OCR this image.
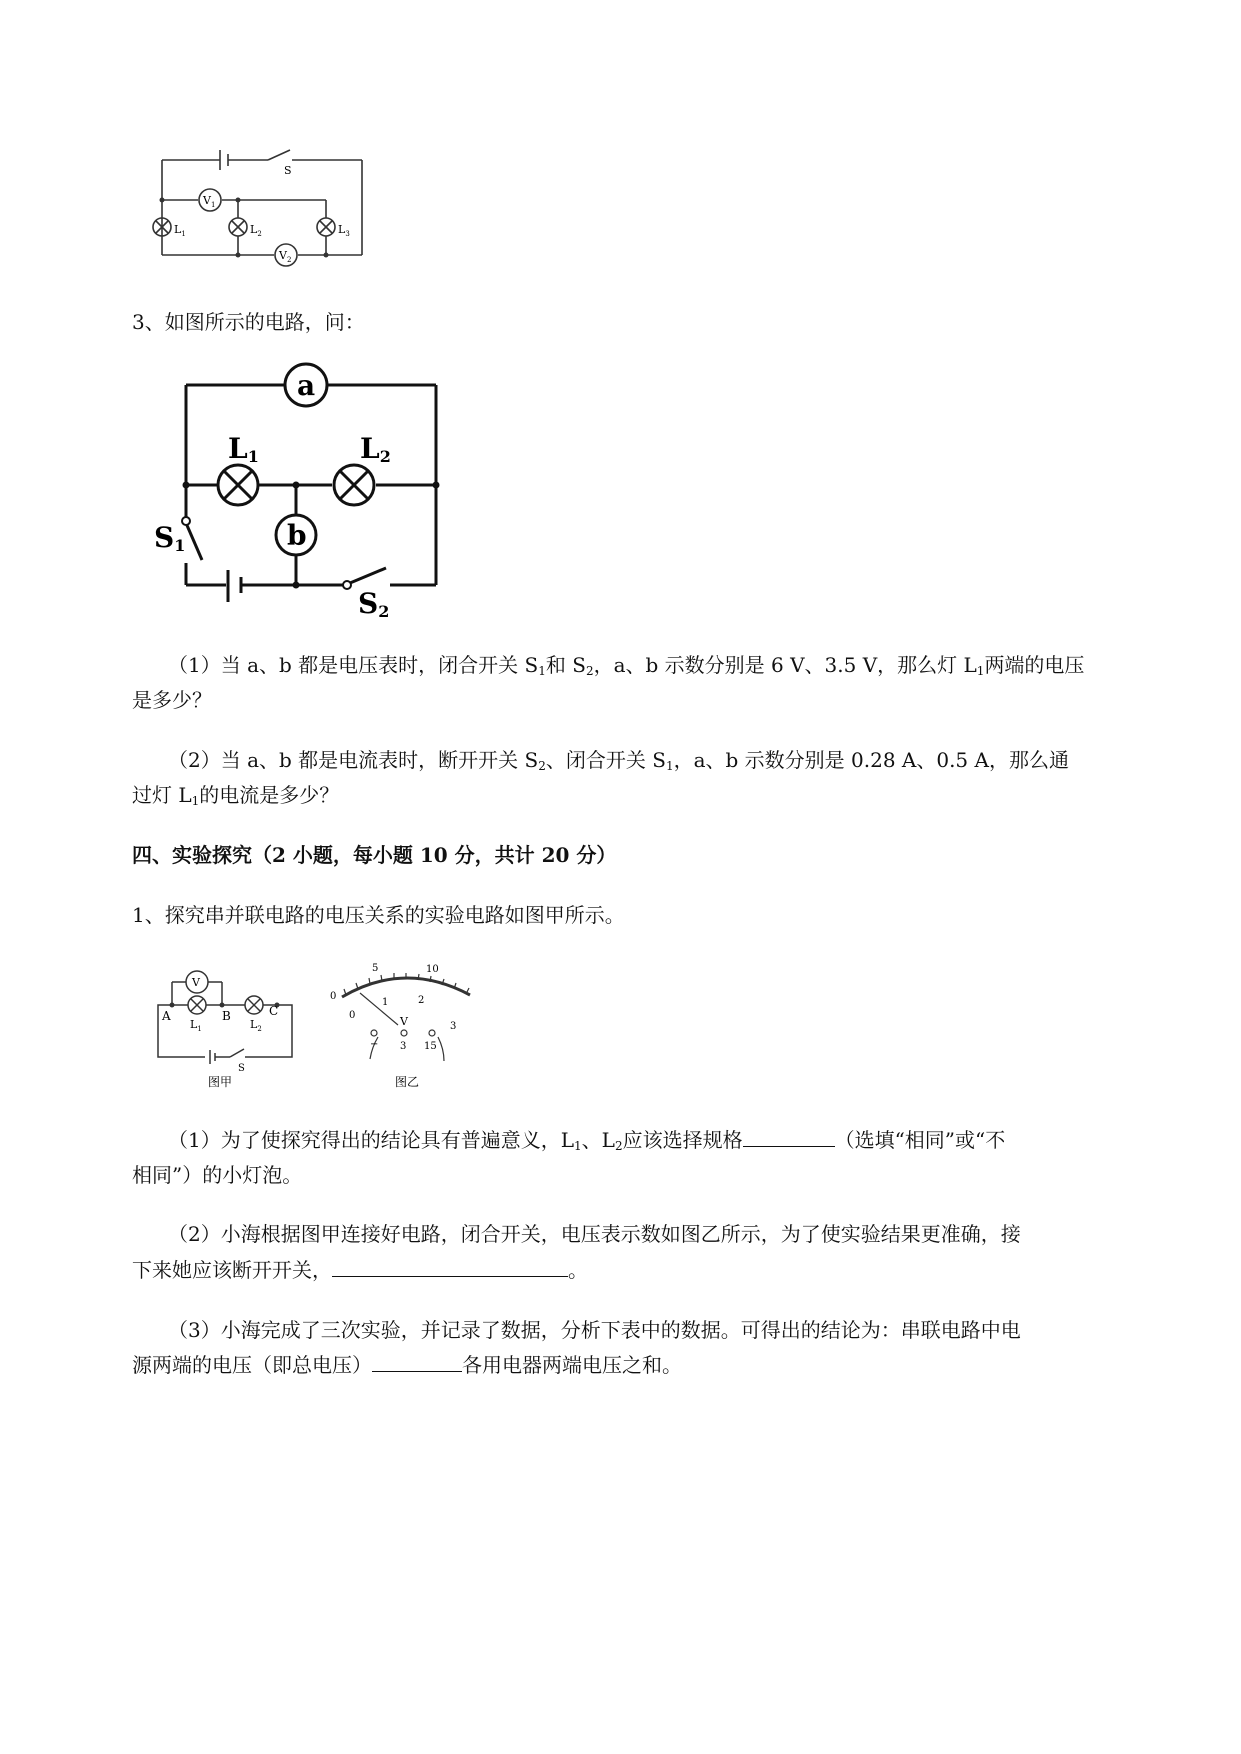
S
$V_1$
$V_2$
$L_1$	$L_2$	$L_3$
3、如图所示的电路，问：
a
b
L1	L2
S1
S2
（1）当 a、b 都是电压表时，闭合开关 $S_1$和 $S_2$，a、b 示数分别是 6 V、3.5 V，那么灯 $L_1$两端的电压
是多少？
（2）当 a、b 都是电流表时，断开开关 $S_2$、闭合开关 $S_1$，a、b 示数分别是 0.28 A、0.5 A，那么通
过灯 $L_1$的电流是多少？
四、实验探究（2 小题，每小题 10 分，共计 20 分）
1、探究串并联电路的电压关系的实验电路如图甲所示。
V
A	B	C
$L_1$	$L_2$
S
图甲
0
5	10
0
1	2
3
V
− 3 15
图乙
（1）为了使探究得出的结论具有普遍意义，$L_1$、$L_2$应该选择规格	（选填“相同”或“不
相同”）的小灯泡。
（2）小海根据图甲连接好电路，闭合开关，电压表示数如图乙所示，为了使实验结果更准确，接
下来她应该断开开关，	。
（3）小海完成了三次实验，并记录了数据，分析下表中的数据。可得出的结论为：串联电路中电
源两端的电压（即总电压）	各用电器两端电压之和。
